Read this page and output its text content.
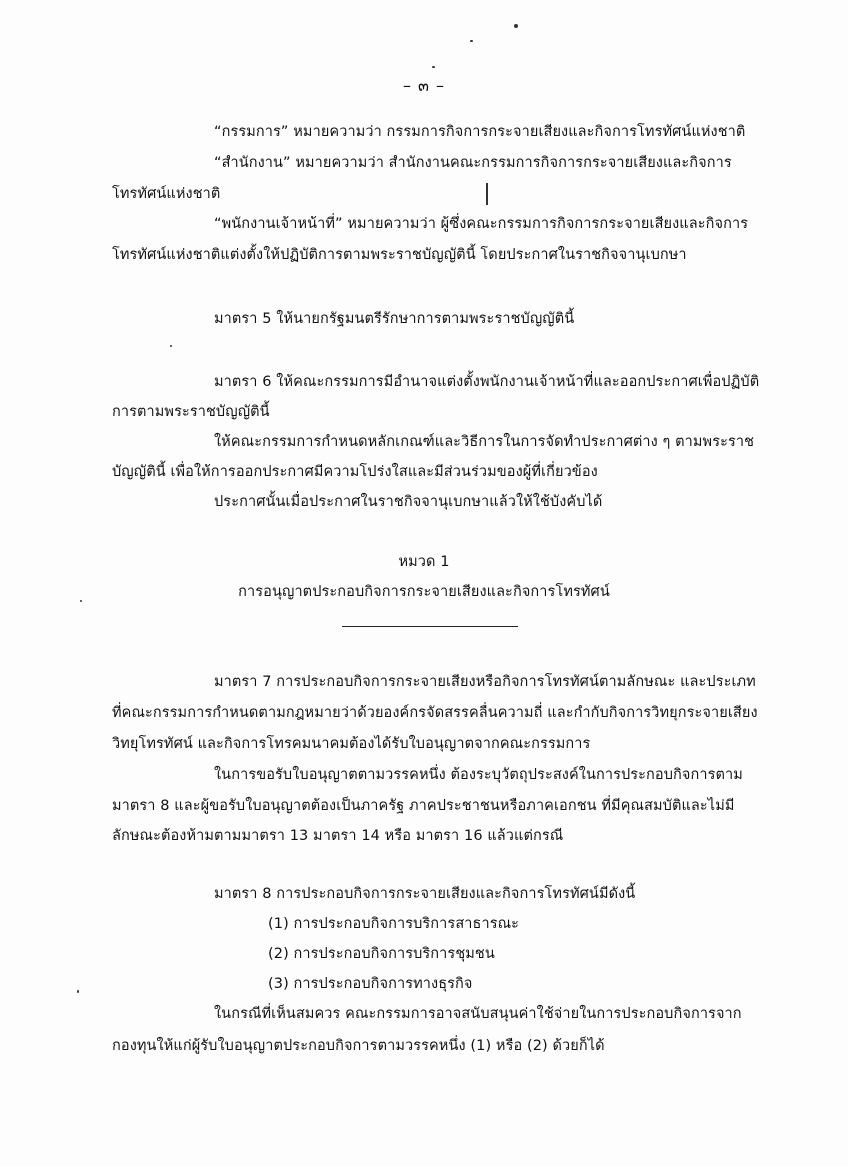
– ๓ –
“กรรมการ” หมายความว่า กรรมการกิจการกระจายเสียงและกิจการโทรทัศน์แห่งชาติ
“สำนักงาน” หมายความว่า สำนักงานคณะกรรมการกิจการกระจายเสียงและกิจการ
โทรทัศน์แห่งชาติ
“พนักงานเจ้าหน้าที่” หมายความว่า ผู้ซึ่งคณะกรรมการกิจการกระจายเสียงและกิจการ
โทรทัศน์แห่งชาติแต่งตั้งให้ปฏิบัติการตามพระราชบัญญัตินี้ โดยประกาศในราชกิจจานุเบกษา
มาตรา 5 ให้นายกรัฐมนตรีรักษาการตามพระราชบัญญัตินี้
มาตรา 6 ให้คณะกรรมการมีอำนาจแต่งตั้งพนักงานเจ้าหน้าที่และออกประกาศเพื่อปฏิบัติ
การตามพระราชบัญญัตินี้
ให้คณะกรรมการกำหนดหลักเกณฑ์และวิธีการในการจัดทำประกาศต่าง ๆ ตามพระราช
บัญญัตินี้ เพื่อให้การออกประกาศมีความโปร่งใสและมีส่วนร่วมของผู้ที่เกี่ยวข้อง
ประกาศนั้นเมื่อประกาศในราชกิจจานุเบกษาแล้วให้ใช้บังคับได้
หมวด 1
การอนุญาตประกอบกิจการกระจายเสียงและกิจการโทรทัศน์
มาตรา 7 การประกอบกิจการกระจายเสียงหรือกิจการโทรทัศน์ตามลักษณะ และประเภท
ที่คณะกรรมการกำหนดตามกฎหมายว่าด้วยองค์กรจัดสรรคลื่นความถี่ และกำกับกิจการวิทยุกระจายเสียง
วิทยุโทรทัศน์ และกิจการโทรคมนาคมต้องได้รับใบอนุญาตจากคณะกรรมการ
ในการขอรับใบอนุญาตตามวรรคหนึ่ง ต้องระบุวัตถุประสงค์ในการประกอบกิจการตาม
มาตรา 8 และผู้ขอรับใบอนุญาตต้องเป็นภาครัฐ ภาคประชาชนหรือภาคเอกชน ที่มีคุณสมบัติและไม่มี
ลักษณะต้องห้ามตามมาตรา 13 มาตรา 14 หรือ มาตรา 16 แล้วแต่กรณี
มาตรา 8 การประกอบกิจการกระจายเสียงและกิจการโทรทัศน์มีดังนี้
(1) การประกอบกิจการบริการสาธารณะ
(2) การประกอบกิจการบริการชุมชน
(3) การประกอบกิจการทางธุรกิจ
ในกรณีที่เห็นสมควร คณะกรรมการอาจสนับสนุนค่าใช้จ่ายในการประกอบกิจการจาก
กองทุนให้แก่ผู้รับใบอนุญาตประกอบกิจการตามวรรคหนึ่ง (1) หรือ (2) ด้วยก็ได้
